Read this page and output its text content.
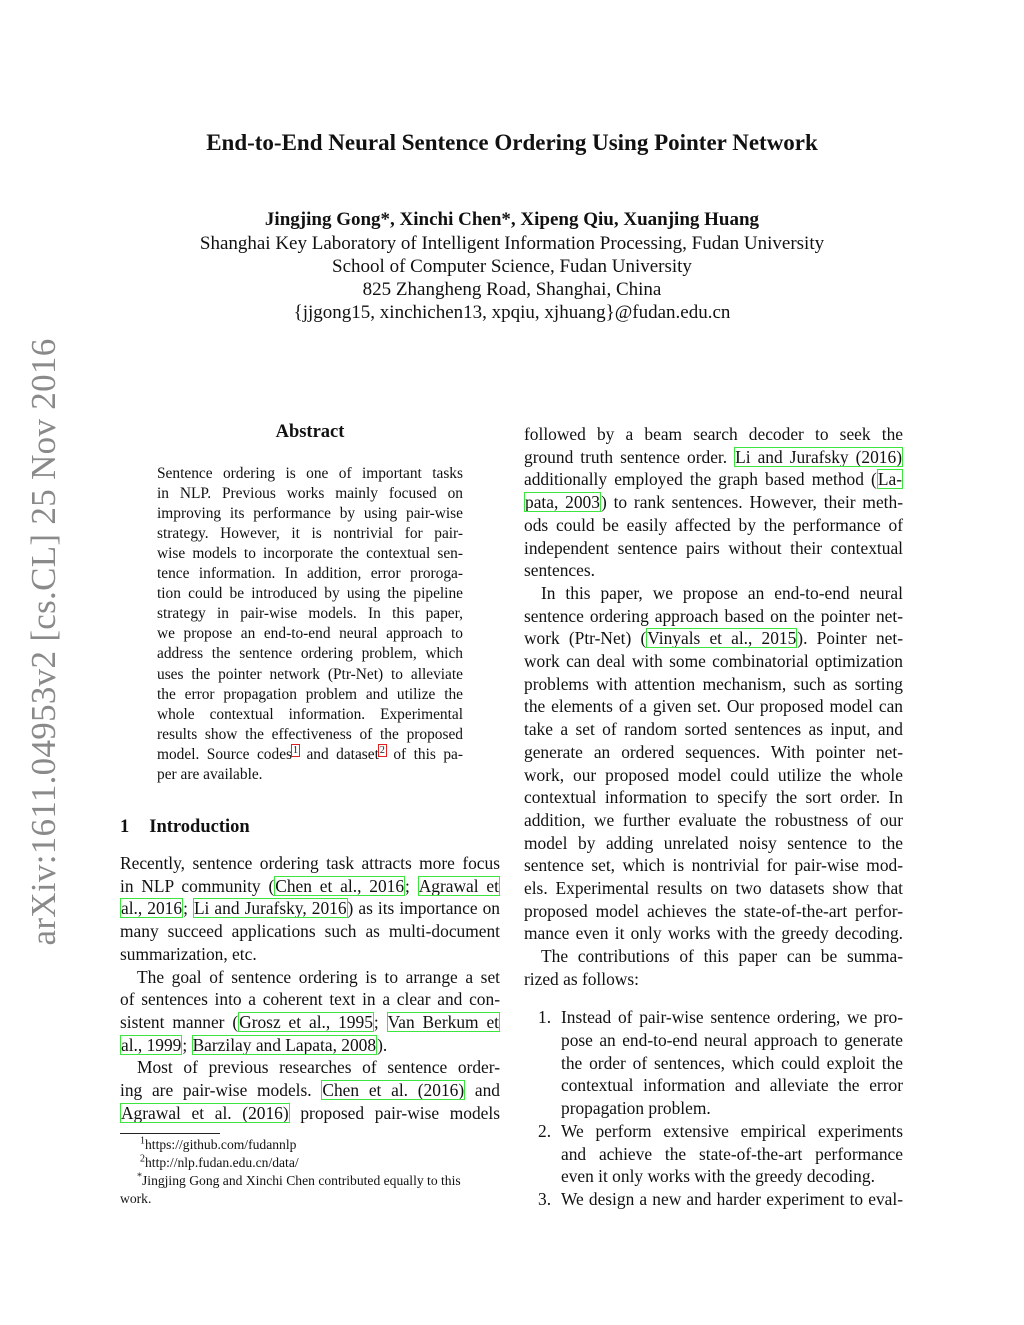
arXiv:1611.04953v2 [cs.CL] 25 Nov 2016
End-to-End Neural Sentence Ordering Using Pointer Network
Jingjing Gong*, Xinchi Chen*, Xipeng Qiu, Xuanjing Huang
Shanghai Key Laboratory of Intelligent Information Processing, Fudan University
School of Computer Science, Fudan University
825 Zhangheng Road, Shanghai, China
{jjgong15, xinchichen13, xpqiu, xjhuang}@fudan.edu.cn
Abstract
1 Introduction
Sentence ordering is one of important tasks
in NLP. Previous works mainly focused on
improving its performance by using pair-wise
strategy. However, it is nontrivial for pair-
wise models to incorporate the contextual sen-
tence information. In addition, error proroga-
tion could be introduced by using the pipeline
strategy in pair-wise models. In this paper,
we propose an end-to-end neural approach to
address the sentence ordering problem, which
uses the pointer network (Ptr-Net) to alleviate
the error propagation problem and utilize the
whole contextual information. Experimental
results show the effectiveness of the proposed
model. Source codes$^1$ and dataset$^2$ of this pa-
per are available.
Recently, sentence ordering task attracts more focus
in NLP community (Chen et al., 2016; Agrawal et
al., 2016; Li and Jurafsky, 2016) as its importance on
many succeed applications such as multi-document
summarization, etc.
The goal of sentence ordering is to arrange a set
of sentences into a coherent text in a clear and con-
sistent manner (Grosz et al., 1995; Van Berkum et
al., 1999; Barzilay and Lapata, 2008).
Most of previous researches of sentence order-
ing are pair-wise models. Chen et al. (2016) and
Agrawal et al. (2016) proposed pair-wise models
followed by a beam search decoder to seek the
ground truth sentence order. Li and Jurafsky (2016)
additionally employed the graph based method (La-
pata, 2003) to rank sentences. However, their meth-
ods could be easily affected by the performance of
independent sentence pairs without their contextual
sentences.
In this paper, we propose an end-to-end neural
sentence ordering approach based on the pointer net-
work (Ptr-Net) (Vinyals et al., 2015). Pointer net-
work can deal with some combinatorial optimization
problems with attention mechanism, such as sorting
the elements of a given set. Our proposed model can
take a set of random sorted sentences as input, and
generate an ordered sequences. With pointer net-
work, our proposed model could utilize the whole
contextual information to specify the sort order. In
addition, we further evaluate the robustness of our
model by adding unrelated noisy sentence to the
sentence set, which is nontrivial for pair-wise mod-
els. Experimental results on two datasets show that
proposed model achieves the state-of-the-art perfor-
mance even it only works with the greedy decoding.
The contributions of this paper can be summa-
rized as follows:
1. Instead of pair-wise sentence ordering, we pro-
pose an end-to-end neural approach to generate
the order of sentences, which could exploit the
contextual information and alleviate the error
propagation problem.
2. We perform extensive empirical experiments
and achieve the state-of-the-art performance
even it only works with the greedy decoding.
3. We design a new and harder experiment to eval-
$^1$https://github.com/fudannlp
$^2$http://nlp.fudan.edu.cn/data/
*Jingjing Gong and Xinchi Chen contributed equally to this
work.
